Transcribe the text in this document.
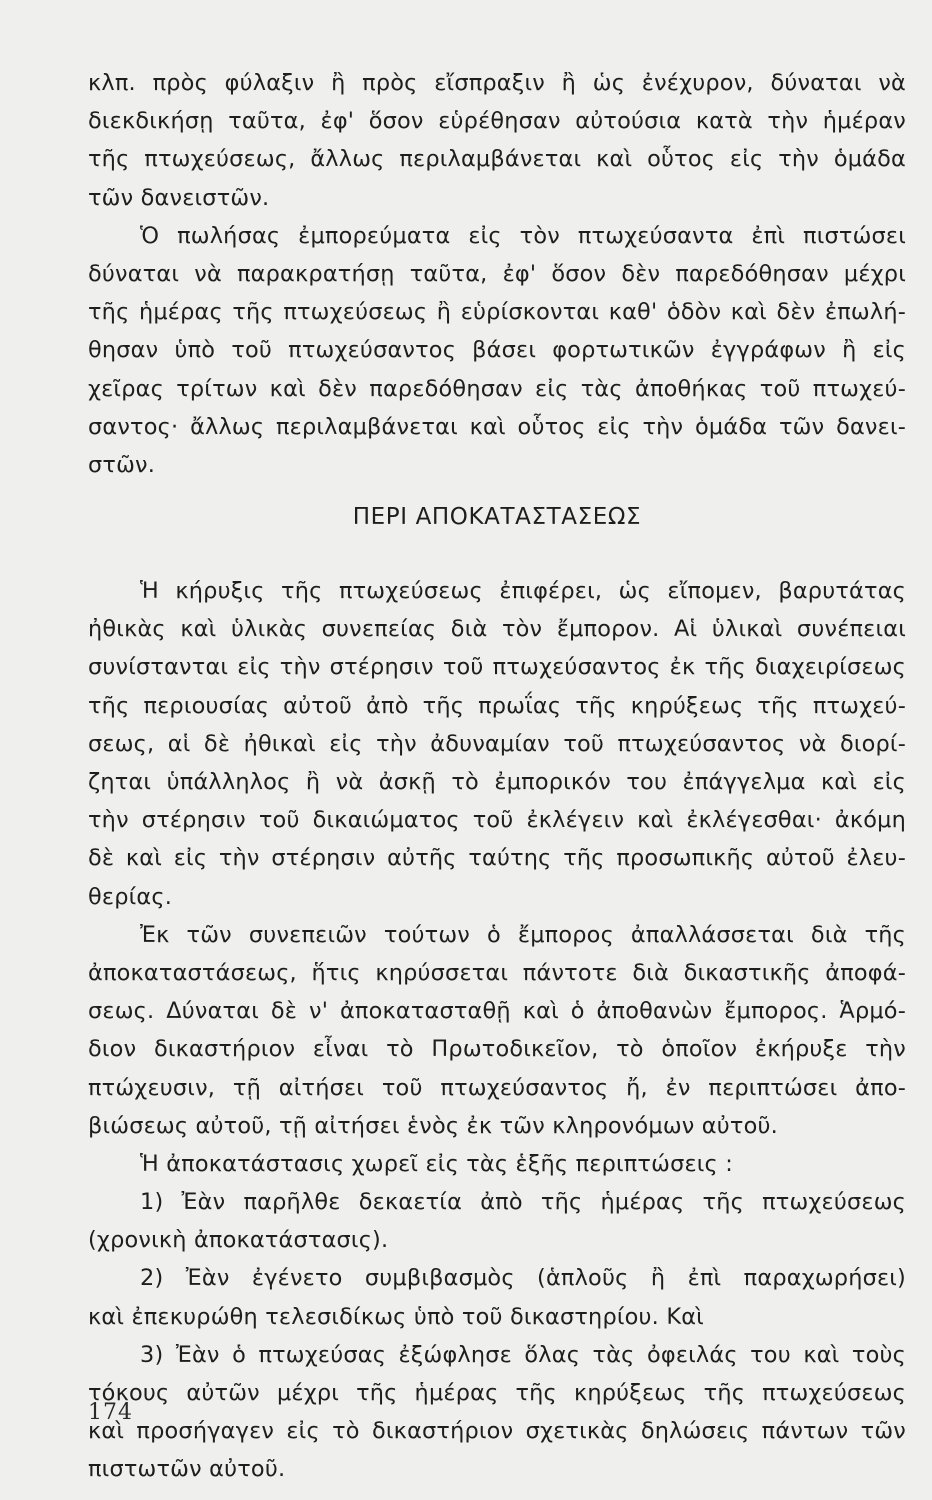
κλπ. πρὸς φύλαξιν ἢ πρὸς εἴσπραξιν ἢ ὡς ἐνέχυρον, δύναται νὰ
διεκδικήσῃ ταῦτα, ἐφ' ὅσον εὑρέθησαν αὐτούσια κατὰ τὴν ἡμέραν
τῆς πτωχεύσεως, ἄλλως περιλαμβάνεται καὶ οὗτος εἰς τὴν ὁμάδα
τῶν δανειστῶν.
Ὁ πωλήσας ἐμπορεύματα εἰς τὸν πτωχεύσαντα ἐπὶ πιστώσει
δύναται νὰ παρακρατήσῃ ταῦτα, ἐφ' ὅσον δὲν παρεδόθησαν μέχρι
τῆς ἡμέρας τῆς πτωχεύσεως ἢ εὑρίσκονται καθ' ὁδὸν καὶ δὲν ἐπωλή-
θησαν ὑπὸ τοῦ πτωχεύσαντος βάσει φορτωτικῶν ἐγγράφων ἢ εἰς
χεῖρας τρίτων καὶ δὲν παρεδόθησαν εἰς τὰς ἀποθήκας τοῦ πτωχεύ-
σαντος· ἄλλως περιλαμβάνεται καὶ οὗτος εἰς τὴν ὁμάδα τῶν δανει-
στῶν.
ΠΕΡΙ ΑΠΟΚΑΤΑΣΤΑΣΕΩΣ
Ἡ κήρυξις τῆς πτωχεύσεως ἐπιφέρει, ὡς εἴπομεν, βαρυτάτας
ἠθικὰς καὶ ὑλικὰς συνεπείας διὰ τὸν ἔμπορον. Αἱ ὑλικαὶ συνέπειαι
συνίστανται εἰς τὴν στέρησιν τοῦ πτωχεύσαντος ἐκ τῆς διαχειρίσεως
τῆς περιουσίας αὐτοῦ ἀπὸ τῆς πρωΐας τῆς κηρύξεως τῆς πτωχεύ-
σεως, αἱ δὲ ἠθικαὶ εἰς τὴν ἀδυναμίαν τοῦ πτωχεύσαντος νὰ διορί-
ζηται ὑπάλληλος ἢ νὰ ἀσκῇ τὸ ἐμπορικόν του ἐπάγγελμα καὶ εἰς
τὴν στέρησιν τοῦ δικαιώματος τοῦ ἐκλέγειν καὶ ἐκλέγεσθαι· ἀκόμη
δὲ καὶ εἰς τὴν στέρησιν αὐτῆς ταύτης τῆς προσωπικῆς αὐτοῦ ἐλευ-
θερίας.
Ἐκ τῶν συνεπειῶν τούτων ὁ ἔμπορος ἀπαλλάσσεται διὰ τῆς
ἀποκαταστάσεως, ἥτις κηρύσσεται πάντοτε διὰ δικαστικῆς ἀποφά-
σεως. Δύναται δὲ ν' ἀποκατασταθῇ καὶ ὁ ἀποθανὼν ἔμπορος. Ἁρμό-
διον δικαστήριον εἶναι τὸ Πρωτοδικεῖον, τὸ ὁποῖον ἐκήρυξε τὴν
πτώχευσιν, τῇ αἰτήσει τοῦ πτωχεύσαντος ἤ, ἐν περιπτώσει ἀπο-
βιώσεως αὐτοῦ, τῇ αἰτήσει ἑνὸς ἐκ τῶν κληρονόμων αὐτοῦ.
Ἡ ἀποκατάστασις χωρεῖ εἰς τὰς ἑξῆς περιπτώσεις :
1) Ἐὰν παρῆλθε δεκαετία ἀπὸ τῆς ἡμέρας τῆς πτωχεύσεως
(χρονικὴ ἀποκατάστασις).
2) Ἐὰν ἐγένετο συμβιβασμὸς (ἁπλοῦς ἢ ἐπὶ παραχωρήσει)
καὶ ἐπεκυρώθη τελεσιδίκως ὑπὸ τοῦ δικαστηρίου. Καὶ
3) Ἐὰν ὁ πτωχεύσας ἐξώφλησε ὅλας τὰς ὀφειλάς του καὶ τοὺς
τόκους αὐτῶν μέχρι τῆς ἡμέρας τῆς κηρύξεως τῆς πτωχεύσεως
καὶ προσήγαγεν εἰς τὸ δικαστήριον σχετικὰς δηλώσεις πάντων τῶν
πιστωτῶν αὐτοῦ.
174
